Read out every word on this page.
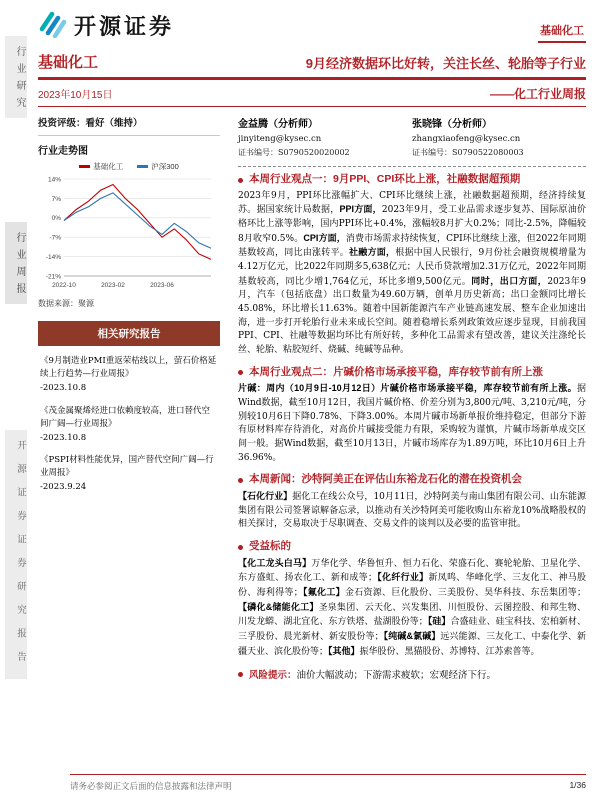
行业研究
行业周报
开源证券证券研究报告
开源证券	基础化工
基础化工	9月经济数据环比好转，关注长丝、轮胎等子行业
2023年10月15日	——化工行业周报
投资评级：看好（维持）
行业走势图
基础化工	沪深300
14%
7%
0%
-7%
-14%
-21%
2022-10	2023-02	2023-06
数据来源：聚源
相关研究报告
《9月制造业PMI重返荣枯线以上，萤石价格延续上行趋势—行业周报》
-2023.10.8
《茂金属聚烯烃进口依赖度较高，进口替代空间广阔—行业周报》
-2023.10.8
《PSPI材料性能优异，国产替代空间广阔—行业周报》
-2023.9.24
金益腾（分析师）
jinyiteng@kysec.cn
证书编号：S0790520020002
张晓锋（分析师）
zhangxiaofeng@kysec.cn
证书编号：S0790522080003
本周行业观点一：9月PPI、CPI环比上涨，社融数据超预期

2023年9月，PPI环比涨幅扩大、CPI环比继续上涨，社融数据超预期，经济持续复苏。据国家统计局数据，PPI方面，2023年9月，受工业品需求逐步复苏、国际原油价格环比上涨等影响，国内PPI环比+0.4%，涨幅较8月扩大0.2%；同比-2.5%，降幅较8月收窄0.5%。CPI方面，消费市场需求持续恢复，CPI环比继续上涨，但2022年同期基数较高，同比由涨转平。社融方面，根据中国人民银行，9月份社会融资规模增量为4.12万亿元，比2022年同期多5,638亿元；人民币贷款增加2.31万亿元，2022年同期基数较高，同比少增1,764亿元，环比多增9,500亿元。同时，出口方面，2023年9月，汽车（包括底盘）出口数量为49.60万辆，创单月历史新高；出口金额同比增长45.08%，环比增长11.63%。随着中国新能源汽车产业链高速发展、整车企业加速出海，进一步打开轮胎行业未来成长空间。随着稳增长系列政策效应逐步显现，目前我国PPI、CPI、社融等数据均环比有所好转，多种化工品需求有望改善，建议关注涤纶长丝、轮胎、粘胶短纤、烧碱、纯碱等品种。

本周行业观点二：片碱价格市场承接平稳，库存较节前有所上涨

片碱：周内（10月9日-10月12日）片碱价格市场承接平稳，库存较节前有所上涨。据Wind数据，截至10月12日，我国片碱价格、价差分别为3,800元/吨、3,210元/吨，分别较10月6日下降0.78%、下降3.00%。本周片碱市场新单报价维持稳定，但部分下游有原材料库存待消化，对高价片碱接受能力有限，采购较为谨慎，片碱市场新单成交区间一般。据Wind数据，截至10月13日，片碱市场库存为1.89万吨，环比10月6日上升36.96%。

本周新闻：沙特阿美正在评估山东裕龙石化的潜在投资机会

【石化行业】据化工在线公众号，10月11日，沙特阿美与南山集团有限公司、山东能源集团有限公司签署谅解备忘录，以推动有关沙特阿美可能收购山东裕龙10%战略股权的相关探讨，交易取决于尽职调查、交易文件的谈判以及必要的监管审批。

受益标的

【化工龙头白马】万华化学、华鲁恒升、恒力石化、荣盛石化、赛轮轮胎、卫星化学、东方盛虹、扬农化工、新和成等；【化纤行业】新凤鸣、华峰化学、三友化工、神马股份、海利得等；【氟化工】金石资源、巨化股份、三美股份、昊华科技、东岳集团等；【磷化&储能化工】圣泉集团、云天化、兴发集团、川恒股份、云图控股、和邦生物、川发龙蟒、湖北宜化、东方铁塔、盐湖股份等；【硅】合盛硅业、硅宝科技、宏柏新材、三孚股份、晨光新材、新安股份等；【纯碱&氯碱】远兴能源、三友化工、中泰化学、新疆天业、滨化股份等；【其他】振华股份、黑猫股份、苏博特、江苏索普等。

风险提示：油价大幅波动；下游需求疲软；宏观经济下行。
请务必参阅正文后面的信息披露和法律声明	1/36
